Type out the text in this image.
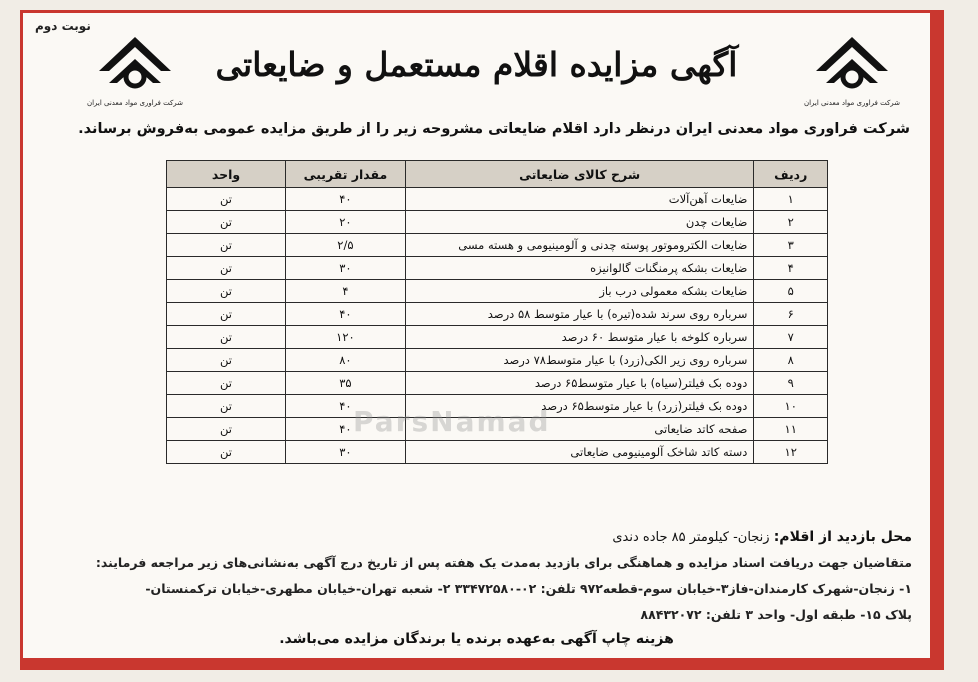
نوبت دوم
شرکت فراوری مواد معدنی ایران
شرکت فراوری مواد معدنی ایران
آگهی مزایده اقلام مستعمل و ضایعاتی
شرکت فراوری مواد معدنی ایران درنظر دارد اقلام ضایعاتی مشروحه زیر را از طریق مزایده عمومی به‌فروش برساند.
ردیف	شرح کالای ضایعاتی	مقدار تقریبی	واحد
۱	ضایعات آهن‌آلات	۴۰	تن
۲	ضایعات چدن	۲۰	تن
۳	ضایعات الکتروموتور پوسته چدنی و آلومینیومی و هسته مسی	۲/۵	تن
۴	ضایعات بشکه پرمنگنات گالوانیزه	۳۰	تن
۵	ضایعات بشکه معمولی درب باز	۴	تن
۶	سرباره روی سرند شده(تیره) با عیار متوسط ۵۸ درصد	۴۰	تن
۷	سرباره کلوخه با عیار متوسط ۶۰ درصد	۱۲۰	تن
۸	سرباره روی زیر الکی(زرد) با عیار متوسط۷۸ درصد	۸۰	تن
۹	دوده بک فیلتر(سیاه) با عیار متوسط۶۵ درصد	۳۵	تن
۱۰	دوده بک فیلتر(زرد) با عیار متوسط۶۵ درصد	۴۰	تن
۱۱	صفحه کاتد ضایعاتی	۴۰	تن
۱۲	دسته کاتد شاخک آلومینیومی ضایعاتی	۳۰	تن
ParsNamad
محل بازدید از اقلام: زنجان- کیلومتر ۸۵ جاده دندی
متقاضیان جهت دریافت اسناد مزایده و هماهنگی برای بازدید به‌مدت یک هفته پس از تاریخ درج آگهی به‌نشانی‌های زیر مراجعه فرمایند:
۱- زنجان-شهرک کارمندان-فاز۳-خیابان سوم-قطعه۹۷۲ تلفن: ۰۲-۳۳۴۷۲۵۸۰ ۲- شعبه تهران-خیابان مطهری-خیابان ترکمنستان-
پلاک ۱۵- طبقه اول- واحد ۳ تلفن: ۸۸۴۳۲۰۷۲
هزینه چاپ آگهی به‌عهده برنده یا برندگان مزایده می‌باشد.
